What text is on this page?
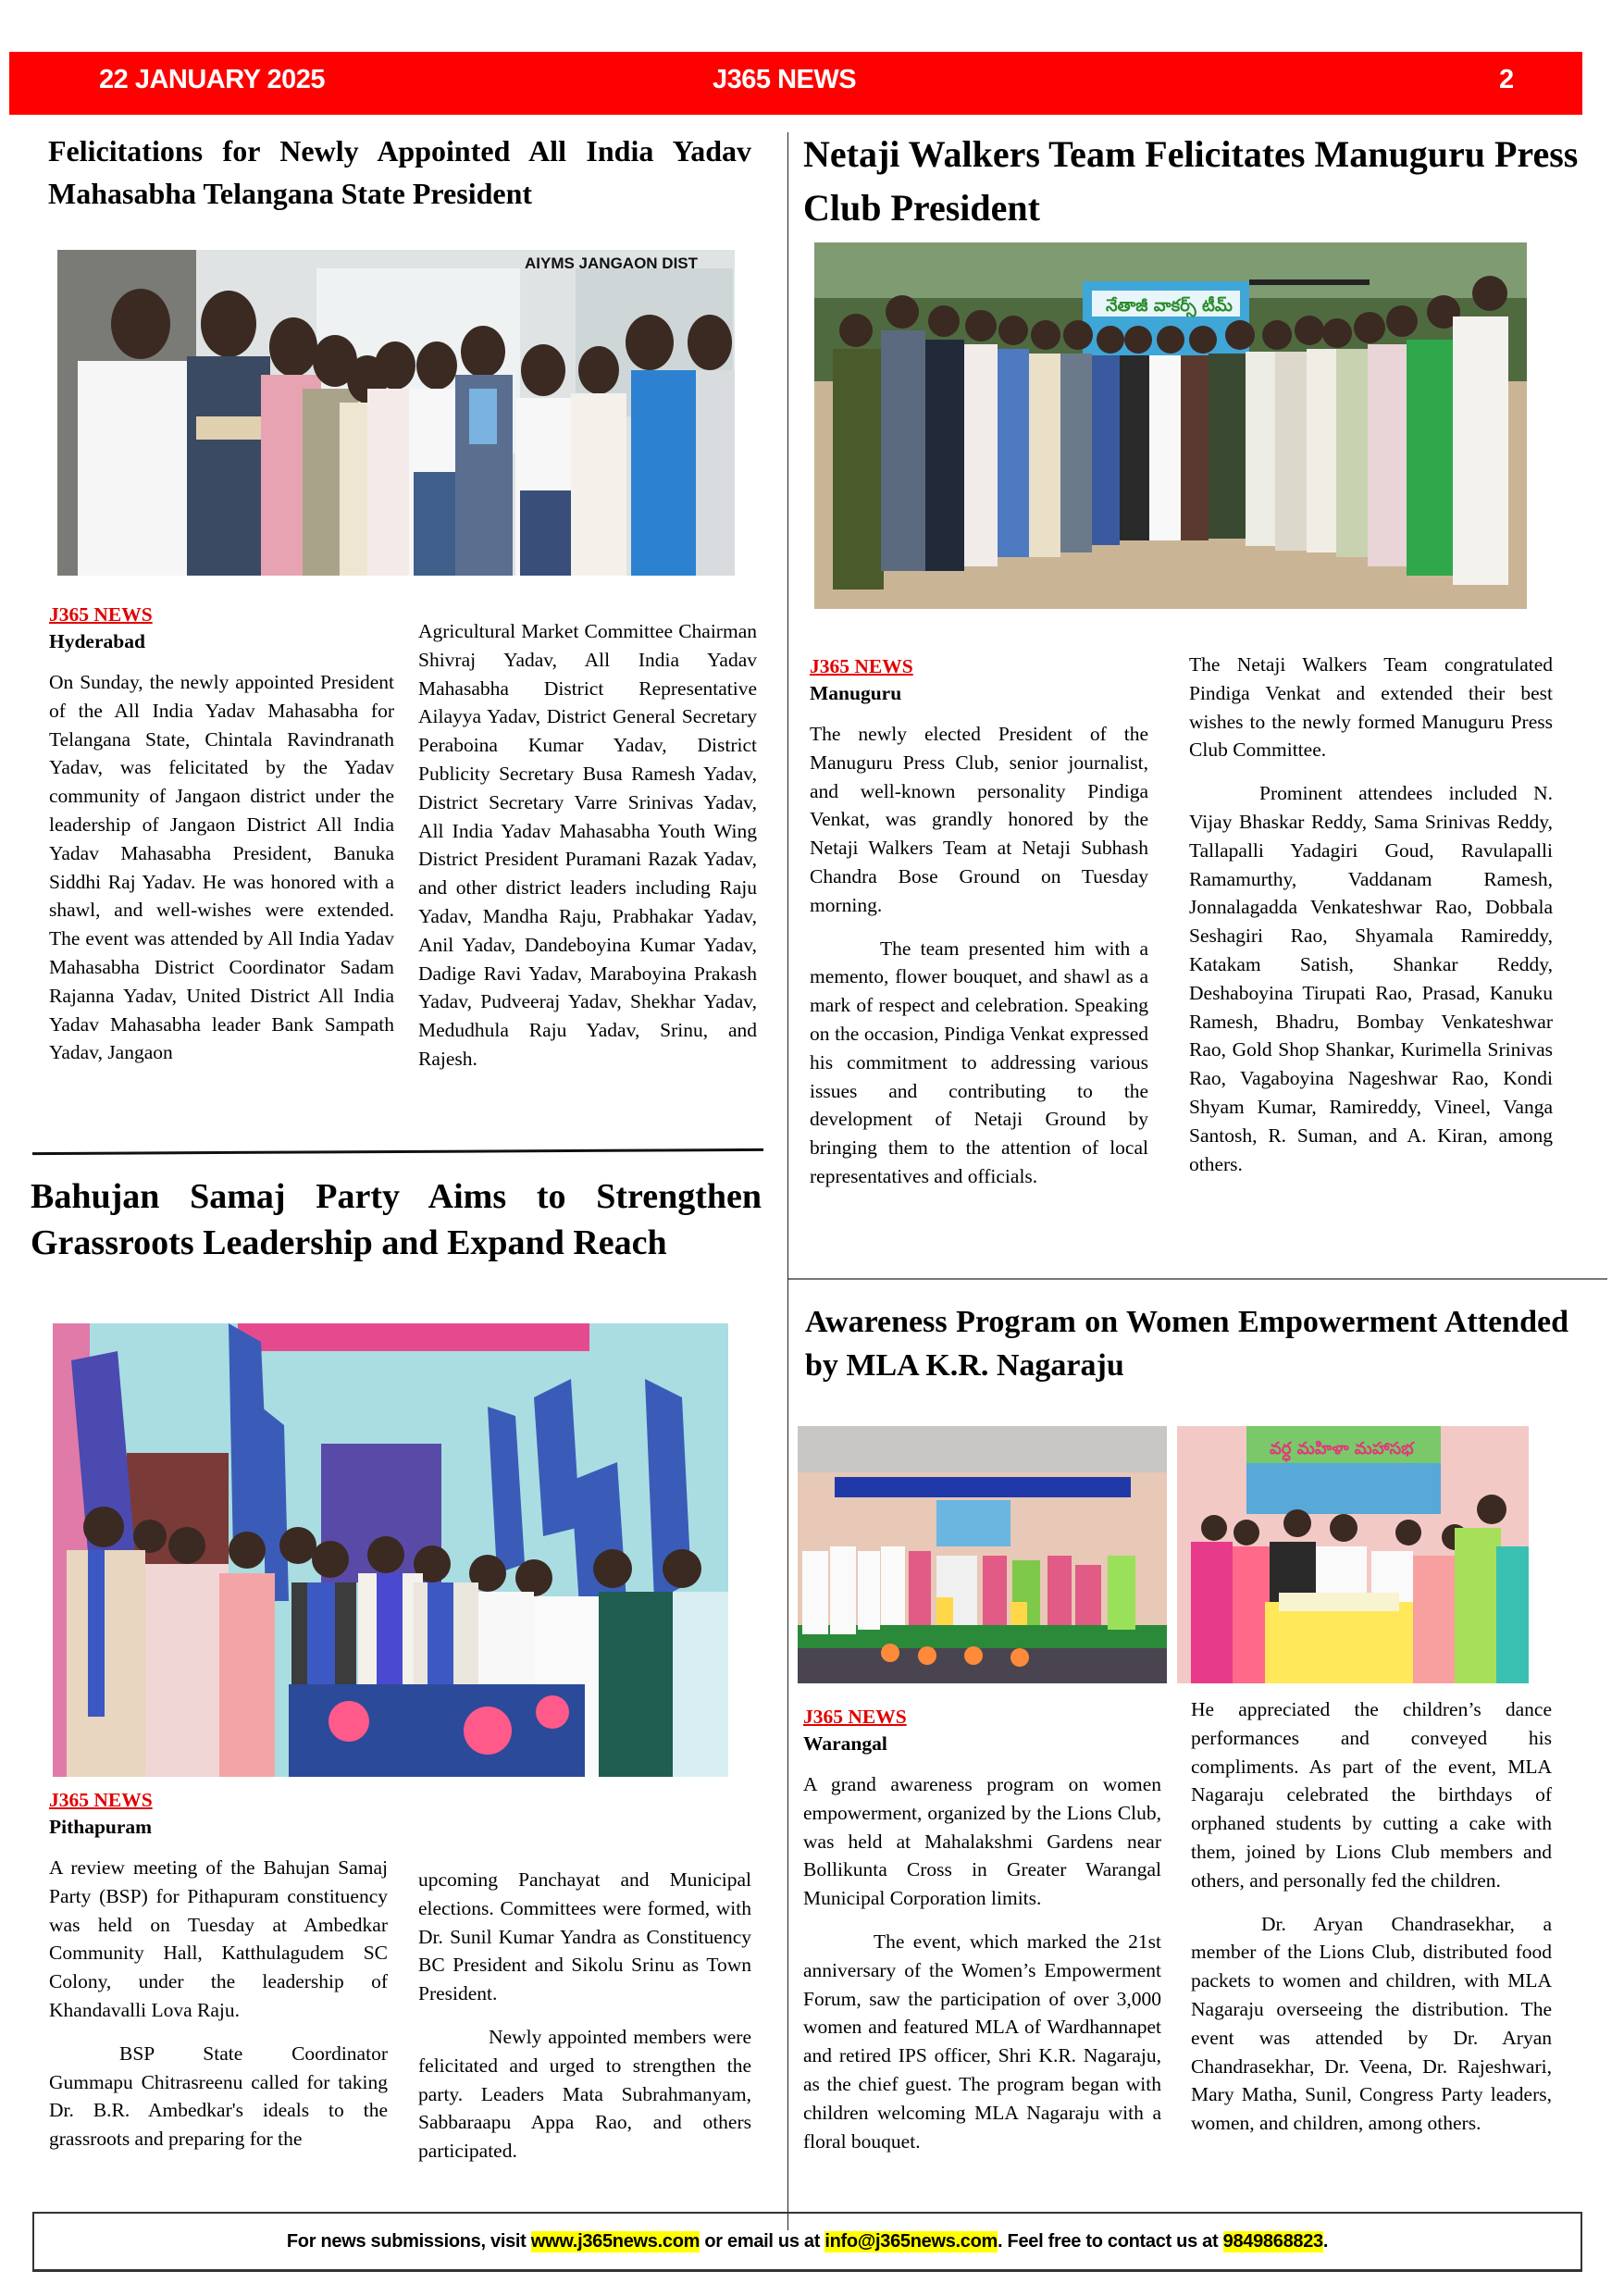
22 JANUARY 2025	J365 NEWS	2
Felicitations for Newly Appointed All India Yadav Mahasabha Telangana State President
AIYMS JANGAON DIST
J365 NEWS
Hyderabad

On Sunday, the newly appointed President of the All India Yadav Mahasabha for Telangana State, Chintala Ravindranath Yadav, was felicitated by the Yadav community of Jangaon district under the leadership of Jangaon District All India Yadav Mahasabha President, Banuka Siddhi Raj Yadav. He was honored with a shawl, and well-wishes were extended. The event was attended by All India Yadav Mahasabha District Coordinator Sadam Rajanna Yadav, United District All India Yadav Mahasabha leader Bank Sampath Yadav, Jangaon

Agricultural Market Committee Chairman Shivraj Yadav, All India Yadav Mahasabha District Representative Ailayya Yadav, District General Secretary Peraboina Kumar Yadav, District Publicity Secretary Busa Ramesh Yadav, District Secretary Varre Srinivas Yadav, All India Yadav Mahasabha Youth Wing District President Puramani Razak Yadav, and other district leaders including Raju Yadav, Mandha Raju, Prabhakar Yadav, Anil Yadav, Dandeboyina Kumar Yadav, Dadige Ravi Yadav, Maraboyina Prakash Yadav, Pudveeraj Yadav, Shekhar Yadav, Medudhula Raju Yadav, Srinu, and Rajesh.

Netaji Walkers Team Felicitates Manuguru Press Club President
నేతాజీ వాకర్స్ టీమ్
J365 NEWS
Manuguru

The newly elected President of the Manuguru Press Club, senior journalist, and well-known personality Pindiga Venkat, was grandly honored by the Netaji Walkers Team at Netaji Subhash Chandra Bose Ground on Tuesday morning.

The team presented him with a memento, flower bouquet, and shawl as a mark of respect and celebration. Speaking on the occasion, Pindiga Venkat expressed his commitment to addressing various issues and contributing to the development of Netaji Ground by bringing them to the attention of local representatives and officials.

The Netaji Walkers Team congratulated Pindiga Venkat and extended their best wishes to the newly formed Manuguru Press Club Committee.

Prominent attendees included N. Vijay Bhaskar Reddy, Sama Srinivas Reddy, Tallapalli Yadagiri Goud, Ravulapalli Ramamurthy, Vaddanam Ramesh, Jonnalagadda Venkateshwar Rao, Dobbala Seshagiri Rao, Shyamala Ramireddy, Katakam Satish, Shankar Reddy, Deshaboyina Tirupati Rao, Prasad, Kanuku Ramesh, Bhadru, Bombay Venkateshwar Rao, Gold Shop Shankar, Kurimella Srinivas Rao, Vagaboyina Nageshwar Rao, Kondi Shyam Kumar, Ramireddy, Vineel, Vanga Santosh, R. Suman, and A. Kiran, among others.

Bahujan Samaj Party Aims to Strengthen Grassroots Leadership and Expand Reach
J365 NEWS
Pithapuram

A review meeting of the Bahujan Samaj Party (BSP) for Pithapuram constituency was held on Tuesday at Ambedkar Community Hall, Katthulagudem SC Colony, under the leadership of Khandavalli Lova Raju.

BSP State Coordinator Gummapu Chitrasreenu called for taking Dr. B.R. Ambedkar's ideals to the grassroots and preparing for the

upcoming Panchayat and Municipal elections. Committees were formed, with Dr. Sunil Kumar Yandra as Constituency BC President and Sikolu Srinu as Town President.

Newly appointed members were felicitated and urged to strengthen the party. Leaders Mata Subrahmanyam, Sabbaraapu Appa Rao, and others participated.

Awareness Program on Women Empowerment Attended by MLA K.R. Nagaraju
వర్ధ మహిళా మహాసభ
J365 NEWS
Warangal

A grand awareness program on women empowerment, organized by the Lions Club, was held at Mahalakshmi Gardens near Bollikunta Cross in Greater Warangal Municipal Corporation limits.

The event, which marked the 21st anniversary of the Women’s Empowerment Forum, saw the participation of over 3,000 women and featured MLA of Wardhannapet and retired IPS officer, Shri K.R. Nagaraju, as the chief guest. The program began with children welcoming MLA Nagaraju with a floral bouquet.

He appreciated the children’s dance performances and conveyed his compliments. As part of the event, MLA Nagaraju celebrated the birthdays of orphaned students by cutting a cake with them, joined by Lions Club members and others, and personally fed the children.

Dr. Aryan Chandrasekhar, a member of the Lions Club, distributed food packets to women and children, with MLA Nagaraju overseeing the distribution. The event was attended by Dr. Aryan Chandrasekhar, Dr. Veena, Dr. Rajeshwari, Mary Matha, Sunil, Congress Party leaders, women, and children, among others.

For news submissions, visit www.j365news.com or email us at info@j365news.com . Feel free to contact us at 9849868823 .
